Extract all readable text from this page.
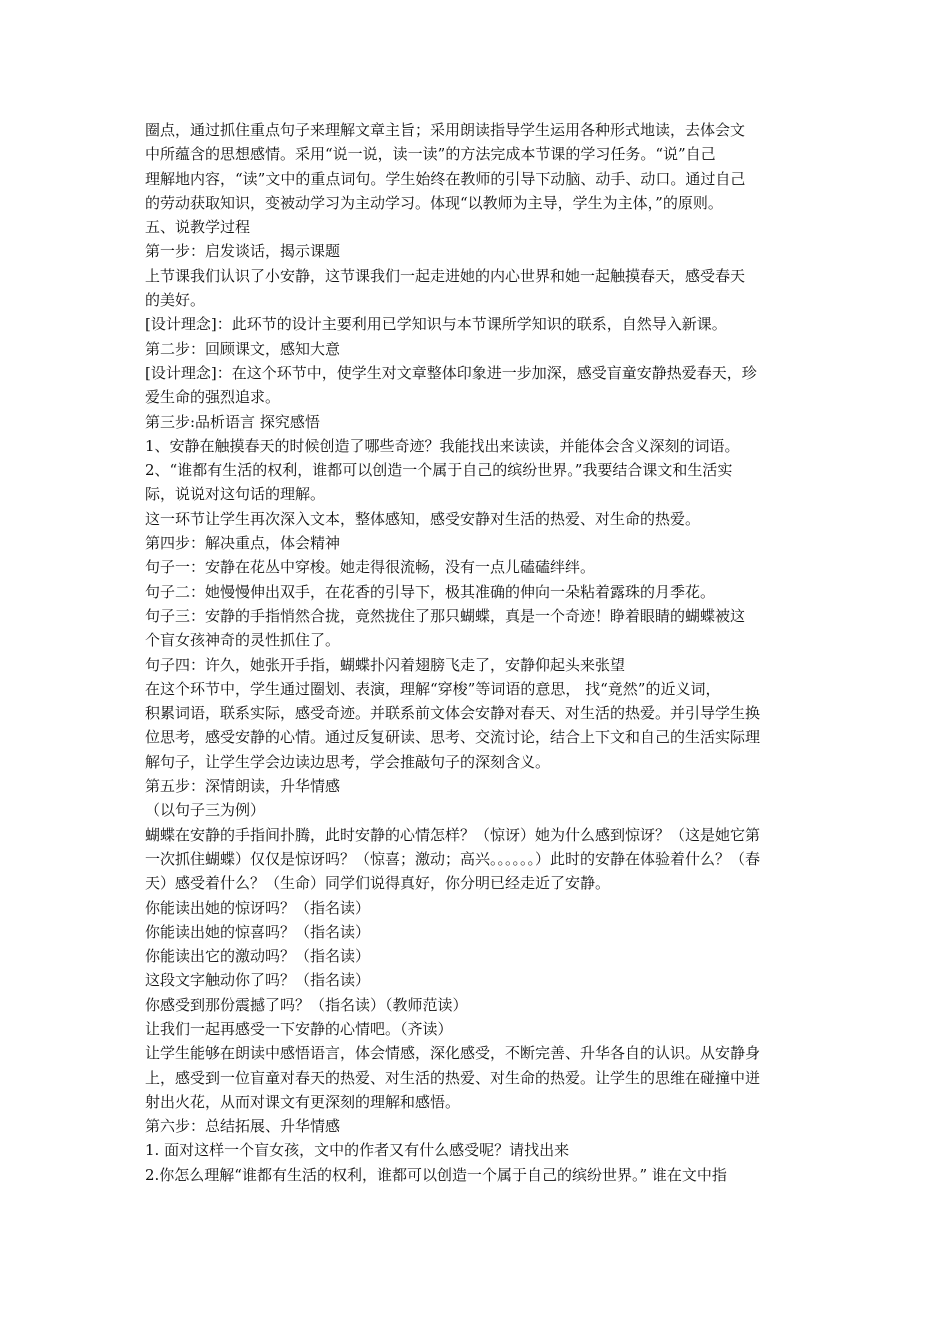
圈点，通过抓住重点句子来理解文章主旨；采用朗读指导学生运用各种形式地读，去体会文
中所蕴含的思想感情。采用“说一说，读一读”的方法完成本节课的学习任务。“说”自己
理解地内容，“读”文中的重点词句。学生始终在教师的引导下动脑、动手、动口。通过自己
的劳动获取知识，变被动学习为主动学习。体现“以教师为主导，学生为主体，”的原则。
五、说教学过程
第一步：启发谈话，揭示课题
上节课我们认识了小安静，这节课我们一起走进她的内心世界和她一起触摸春天，感受春天
的美好。
[设计理念]：此环节的设计主要利用已学知识与本节课所学知识的联系，自然导入新课。
第二步：回顾课文，感知大意
[设计理念]：在这个环节中，使学生对文章整体印象进一步加深，感受盲童安静热爱春天，珍
爱生命的强烈追求。
第三步:品析语言 探究感悟
1、安静在触摸春天的时候创造了哪些奇迹？我能找出来读读，并能体会含义深刻的词语。
2、“谁都有生活的权利，谁都可以创造一个属于自己的缤纷世界。”我要结合课文和生活实
际，说说对这句话的理解。
这一环节让学生再次深入文本，整体感知，感受安静对生活的热爱、对生命的热爱。
第四步：解决重点，体会精神
句子一：安静在花丛中穿梭。她走得很流畅，没有一点儿磕磕绊绊。
句子二：她慢慢伸出双手，在花香的引导下，极其准确的伸向一朵粘着露珠的月季花。
句子三：安静的手指悄然合拢，竟然拢住了那只蝴蝶，真是一个奇迹！睁着眼睛的蝴蝶被这
个盲女孩神奇的灵性抓住了。
句子四：许久，她张开手指，蝴蝶扑闪着翅膀飞走了，安静仰起头来张望
在这个环节中，学生通过圈划、表演，理解“穿梭”等词语的意思， 找“竟然”的近义词，
积累词语，联系实际，感受奇迹。并联系前文体会安静对春天、对生活的热爱。并引导学生换
位思考，感受安静的心情。通过反复研读、思考、交流讨论，结合上下文和自己的生活实际理
解句子，让学生学会边读边思考，学会推敲句子的深刻含义。
第五步：深情朗读，升华情感
（以句子三为例）
蝴蝶在安静的手指间扑腾，此时安静的心情怎样？（惊讶）她为什么感到惊讶？（这是她它第
一次抓住蝴蝶）仅仅是惊讶吗？（惊喜；激动；高兴。。。。。。）此时的安静在体验着什么？（春
天）感受着什么？（生命）同学们说得真好，你分明已经走近了安静。
你能读出她的惊讶吗？（指名读）
你能读出她的惊喜吗？（指名读）
你能读出它的激动吗？（指名读）
这段文字触动你了吗？（指名读）
你感受到那份震撼了吗？（指名读）（教师范读）
让我们一起再感受一下安静的心情吧。（齐读）
让学生能够在朗读中感悟语言，体会情感，深化感受，不断完善、升华各自的认识。从安静身
上，感受到一位盲童对春天的热爱、对生活的热爱、对生命的热爱。让学生的思维在碰撞中迸
射出火花，从而对课文有更深刻的理解和感悟。
第六步：总结拓展、升华情感
1. 面对这样一个盲女孩，文中的作者又有什么感受呢？请找出来
2.你怎么理解“谁都有生活的权利，谁都可以创造一个属于自己的缤纷世界。” 谁在文中指
